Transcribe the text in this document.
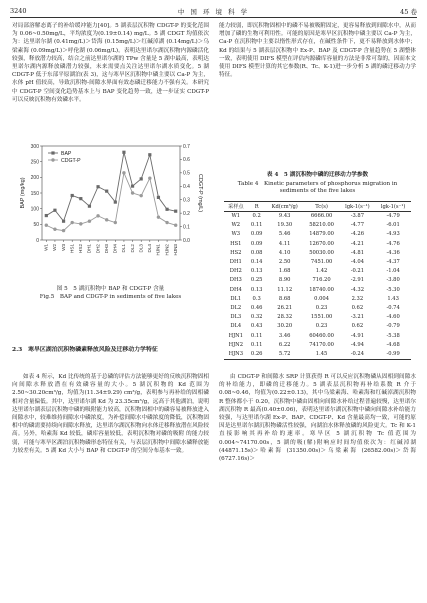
3240	中 国 环 境 科 学	45 卷

对局部溶解态离子的补给缓冲能力[40]。5 湖表层沉积物 CDGT-P 的变化范围为 0.06~0.50mg/L，平均浓度为(0.19±0.14) mg/L。5 湖 CDGT 均值依次为：达里诺尔湖 (0.41mg/L)＞岱海 (0.15mg/L)＞红碱淖湖 (0.14mg/L)＞乌梁素海 (0.09mg/L)＞呼伦湖 (0.06mg/L)。表明达里诺尔湖沉积物内源磷活化较强，释放潜力较高，结合之前达里诺尔湖的 TPw 含量是 5 湖中最高，表明达里诺尔湖内源释放磷潜力较强，未来需要点关注达里诺尔湖水质变化。5 湖 CDGT-P 低于东部平原湖泊(表 3)，这与寒旱区沉积物中磷主要以 Ca-P 为主，水体 pH 值较高，导致沉积物-间隙水界面有效态磷迁移能力不强有关。本研究中 CDGT-P 空间变化趋势基本上与 BAP 变化趋势一致，进一步证实 CDGT-P 可以反映沉积物有效磷水平。

0
50
100
150
200
250
300
0.0
0.1
0.2
0.3
0.4
0.5
0.6
0.7
W1 W2 W3 HS1 HS2 DH1 DH2 DH3 DH4 DL1 DL2 DL3 DL4 HJN1 HJN2 HJN3
BAP (mg/kg)	CDGT-P (mg/L)
BAP
CDGT-P
图 5　5 湖沉积物中 BAP 和 CDGT-P 含量
Fig.5　BAP and CDGT-P in sediments of five lakes
2.3　寒旱区湖泊沉积物磷素释放风险及迁移动力学特征

如表 4 所示，Kd 比传统的基于总磷的评估方法能够更好的反映沉积物固相向间隙水释放潜在有效磷容量的大小。5 湖沉积物的 Kd 范围为 2.50~30.20cm³/g，均值为(11.34±9.29) cm³/g，表明参与再补给的固相磷相对含量偏低。其中，达里诺尔湖 Kd 为 23.35cm³/g，远高于其他湖泊，说明达里诺尔湖表层沉积物中磷的吸附能力较高，沉积物固相中的磷容易被释放进入间隙水中，较难维持间隙水中磷浓度，为补偿间隙水中磷浓度的降低，沉积物固相中的磷需要持续向间隙水释放，达里诺尔湖沉积物向水体迁移释放潜在风险较高。另外，哈素海 Kd 较低，磷库容量较低，表明沉积物对磷的吸附 的能力较弱，可能与寒旱区湖泊沉积物磷形态特征有关，与表层沉积物中间隙水磷释放能力较差有关。5 湖 Kd 大小与 BAP 和 CDGT-P 的空间分布基本一致。

能力较弱，即沉积物固相中的磷不易被吸附固定，更容易释放到间隙水中，从而增加了磷的生物可利用性。可能的原因是寒旱区沉积物中磷主要以 Ca-P 为主，Ca-P 在沉积物中主要以惰性形式存在，在碱性条件下，更不易释放到水体中；Kd 的结果与 5 湖表层沉积物中 Ex-P、BAP 及 CDGT-P 含量趋势在 5 湖整体一致，表明使用 DIFS 模型在评估内源磷库容量的方法是非常可靠的，因而本文使用 DIFS 模型计算的其它参数(R、Tc、K-1)进一步分析 5 湖的磷迁移动力学特征。

表 4　5 湖沉积物中磷的迁移动力学参数
Table 4　Kinetic parameters of phosphorus migration in
sediments of the five lakes
采样点	R	Kd(cm³/g)	Tc(s)	lgk-1(s⁻¹)	lgk-1(s⁻¹)
W1	0.2	9.43	6666.00	-3.87	-4.79
W2	0.11	19.30	58210.00	-4.77	-6.01
W3	0.09	5.46	14879.00	-4.26	-4.93
HS1	0.09	4.11	12670.00	-4.21	-4.76
HS2	0.08	4.10	50030.00	-4.81	-4.36
DH1	0.14	2.50	7451.00	-4.04	-4.37
DH2	0.13	1.68	1.42	-0.21	-1.04
DH3	0.25	8.90	716.20	-2.91	-3.80
DH4	0.13	11.12	18740.00	-4.32	-5.30
DL1	0.3	8.68	0.004	2.32	1.43
DL2	0.46	26.21	0.23	0.62	-0.74
DL3	0.32	28.32	1551.00	-3.21	-4.60
DL4	0.43	30.20	0.23	0.62	-0.79
HJN1	0.11	3.46	60460.00	-4.91	-5.38
HJN2	0.11	6.22	74170.00	-4.94	-4.68
HJN3	0.26	5.72	1.45	-0.24	-0.99

由 CDGT-P 和间隙水 SRP 计算获得 R 可以反应沉积物磷从固相到间隙水的补给能力，即磷的迁移能力。5 湖表层沉积物再补给系数 R 介于 0.08~0.46，均值为(0.22±0.13)，其中乌梁素海、哈素海和红碱淖湖沉积物 R 整体都小于 0.20，沉积物中磷由固相向间隙水补给过程普遍较慢，达里诺尔湖沉积物 R 最高(0.40±0.06)，表明达里诺尔湖沉积物中磷向间隙水补给能力较强，与达里诺尔湖 Ex-P、BAP、CDGT-P、Kd 含量最高均一致，可能的原因是达里诺尔湖沉积物磷活性较强，向湖泊水体释放磷的风险更大。Tc 和 K-1 直接影响其再补给的速率。寒旱区 5 湖沉积物 Tc 值范围为 0.004~74170.00s，5 湖的吸(解)附响应时间均值依次为：红碱淖湖 (44871.15s)＞哈素海 (31350.00s)＞乌梁素海 (26582.00s)＞岱海 (6727.16s)＞
